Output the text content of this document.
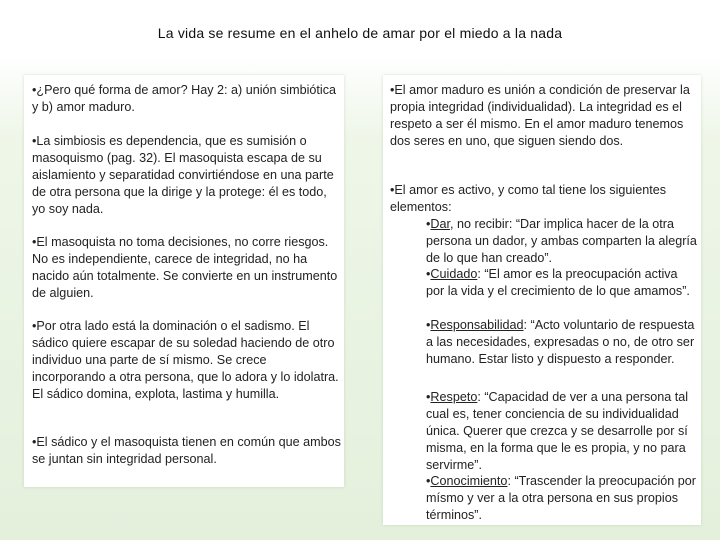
La vida se resume en el anhelo de amar por el miedo a la nada
•¿Pero qué forma de amor? Hay 2: a) unión simbiótica y b) amor maduro.
•La simbiosis es dependencia, que es sumisión o masoquismo (pag. 32). El masoquista escapa de su aislamiento y separatidad convirtiéndose en una parte de otra persona que la dirige y la protege: él es todo, yo soy nada.
•El masoquista no toma decisiones, no corre riesgos. No es independiente, carece de integridad, no ha nacido aún totalmente. Se convierte en un instrumento de alguien.
•Por otra lado está la dominación o el sadismo. El sádico quiere escapar de su soledad haciendo de otro individuo una parte de sí mismo. Se crece incorporando a otra persona, que lo adora y lo idolatra. El sádico domina, explota, lastima y humilla.
•El sádico y el masoquista tienen en común que ambos se juntan sin integridad personal.
•El amor maduro es unión a condición de preservar la propia integridad (individualidad). La integridad es el respeto a ser él mismo. En el amor maduro tenemos dos seres en uno, que siguen siendo dos.
•El amor es activo, y como tal tiene los siguientes elementos:
•Dar, no recibir: “Dar implica hacer de la otra persona un dador, y ambas comparten la alegría de lo que han creado”.
•Cuidado: “El amor es la preocupación activa por la vida y el crecimiento de lo que amamos”.
•Responsabilidad: “Acto voluntario de respuesta a las necesidades, expresadas o no, de otro ser humano. Estar listo y dispuesto a responder.
•Respeto: “Capacidad de ver a una persona tal cual es, tener conciencia de su individualidad única. Querer que crezca y se desarrolle por sí misma, en la forma que le es propia, y no para servirme”.
•Conocimiento: “Trascender la preocupación por mísmo y ver a la otra persona en sus propios términos”.
